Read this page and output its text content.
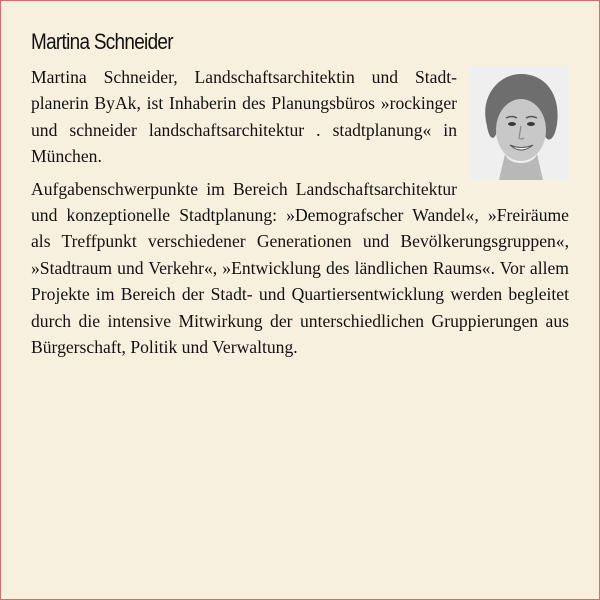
Martina Schneider

Martina Schneider, Landschaftsarchitektin und Stadtplanerin ByAk, ist Inhaberin des Planungsbüros »rockinger und schneider landschaftsarchitektur . stadtplanung« in München.

Aufgabenschwerpunkte im Bereich Landschaftsarchitektur und konzeptionelle Stadtplanung: »Demografscher Wandel«, »Freiräume als Treffpunkt verschiedener Generationen und Bevölkerungsgruppen«, »Stadtraum und Verkehr«, »Entwicklung des ländlichen Raums«. Vor allem Projekte im Bereich der Stadt- und Quartiersentwicklung werden begleitet durch die intensive Mitwirkung der unterschiedlichen Gruppierungen aus Bürgerschaft, Politik und Verwaltung.
